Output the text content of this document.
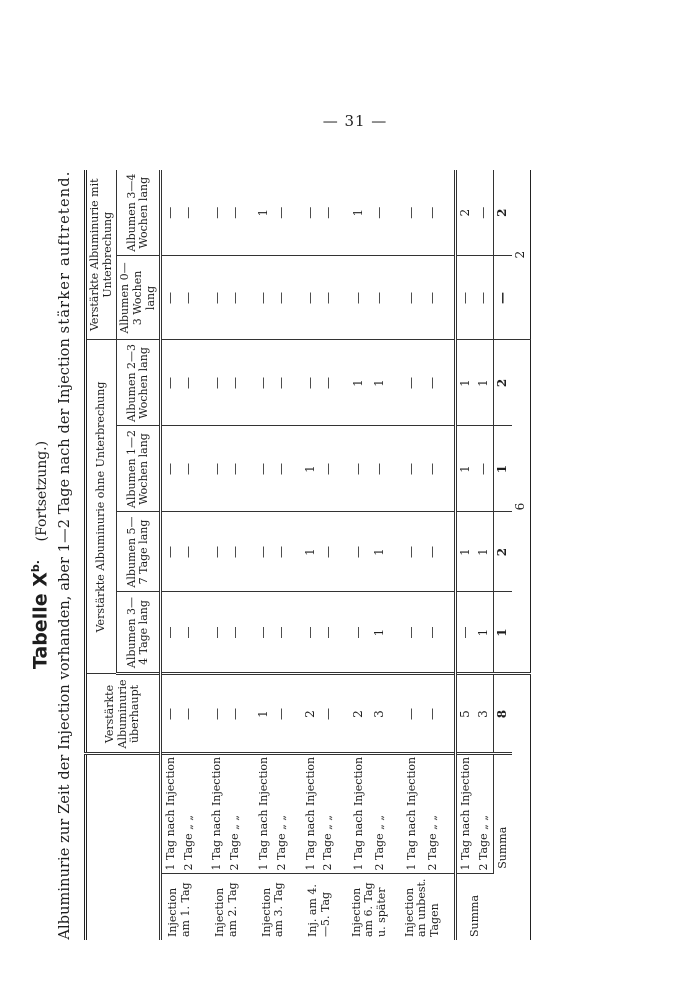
— 31 —
Tabelle $X^{b.}$ (Fortsetzung.) Albuminurie zur Zeit der Injection vorhanden, aber 1—2 Tage nach der Injection stärker auftretend.
		Verstärkte Albuminurie überhaupt	Verstärkte Albuminurie ohne Unterbrechung				Verstärkte Albuminurie mit Unterbrechung	
			Albumen 3—4 Tage lang	Albumen 5—7 Tage lang	Albumen 1—2 Wochen lang	Albumen 2—3 Wochen lang	Albumen 0—3 Wochen lang	Albumen 3—4 Wochen lang
Injection am 1. Tag	1 Tag nach Injection	—	—	—	—	—	—	—
	2 Tage „ „	—	—	—	—	—	—	—

Injection am 2. Tag	1 Tag nach Injection	—	—	—	—	—	—	—
	2 Tage „ „	—	—	—	—	—	—	—

Injection am 3. Tag	1 Tag nach Injection	1	—	—	—	—	—	1
	2 Tage „ „	—	—	—	—	—	—	—

Inj. am 4.—5. Tag	1 Tag nach Injection	2	—	1	1	—	—	—
	2 Tage „ „	—	—	—	—	—	—	—

Injection am 6. Tag u. später	1 Tag nach Injection	2	—	—	—	1	—	1
	2 Tage „ „	3	1	1	—	1	—	—

Injection an unbest. Tagen	1 Tag nach Injection	—	—	—	—	—	—	—
	2 Tage „ „	—	—	—	—	—	—	—

Summa	1 Tag nach Injection	5	—	1	1	1	—	2
	2 Tage „ „	3	1	1	—	1	—	—
Summa		8	1	2	1	2	—	2
			6				2	
